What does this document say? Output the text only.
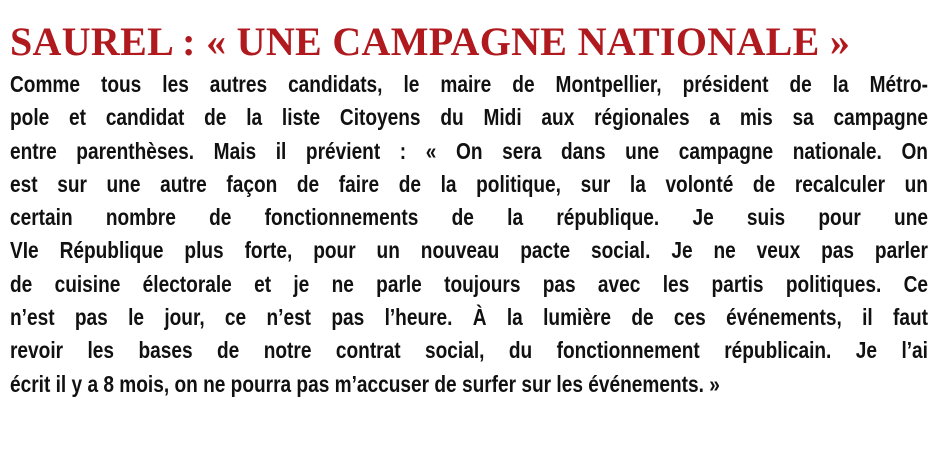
SAUREL : « UNE CAMPAGNE NATIONALE »
Comme tous les autres candidats, le maire de Montpellier, président de la Métro-
pole et candidat de la liste Citoyens du Midi aux régionales a mis sa campagne
entre parenthèses. Mais il prévient : « On sera dans une campagne nationale. On
est sur une autre façon de faire de la politique, sur la volonté de recalculer un
certain nombre de fonctionnements de la république. Je suis pour une
VIe République plus forte, pour un nouveau pacte social. Je ne veux pas parler
de cuisine électorale et je ne parle toujours pas avec les partis politiques. Ce
n’est pas le jour, ce n’est pas l’heure. À la lumière de ces événements, il faut
revoir les bases de notre contrat social, du fonctionnement républicain. Je l’ai
écrit il y a 8 mois, on ne pourra pas m’accuser de surfer sur les événements. »
